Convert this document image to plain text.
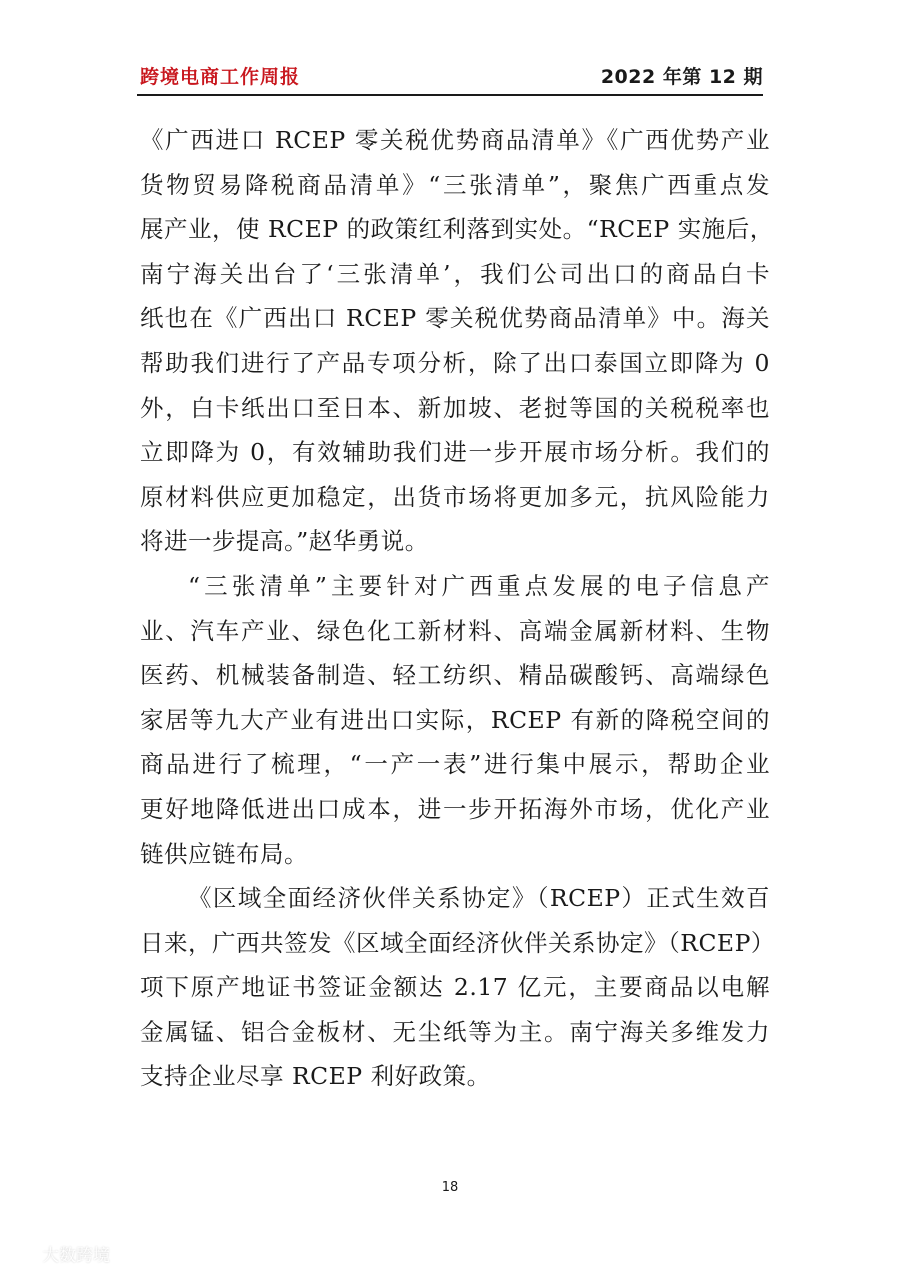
跨境电商工作周报	2022 年第 12 期
《广西进口 RCEP 零关税优势商品清单》《广西优势产业
货物贸易降税商品清单》“三张清单”，聚焦广西重点发
展产业，使 RCEP 的政策红利落到实处。“RCEP 实施后，
南宁海关出台了‘三张清单’，我们公司出口的商品白卡
纸也在《广西出口 RCEP 零关税优势商品清单》中。海关
帮助我们进行了产品专项分析，除了出口泰国立即降为 0
外，白卡纸出口至日本、新加坡、老挝等国的关税税率也
立即降为 0，有效辅助我们进一步开展市场分析。我们的
原材料供应更加稳定，出货市场将更加多元，抗风险能力
将进一步提高。”赵华勇说。
“三张清单”主要针对广西重点发展的电子信息产
业、汽车产业、绿色化工新材料、高端金属新材料、生物
医药、机械装备制造、轻工纺织、精品碳酸钙、高端绿色
家居等九大产业有进出口实际，RCEP 有新的降税空间的
商品进行了梳理，“一产一表”进行集中展示，帮助企业
更好地降低进出口成本，进一步开拓海外市场，优化产业
链供应链布局。
《区域全面经济伙伴关系协定》（RCEP）正式生效百
日来，广西共签发《区域全面经济伙伴关系协定》（RCEP）
项下原产地证书签证金额达 2.17 亿元，主要商品以电解
金属锰、铝合金板材、无尘纸等为主。南宁海关多维发力
支持企业尽享 RCEP 利好政策。
18
大数跨境
